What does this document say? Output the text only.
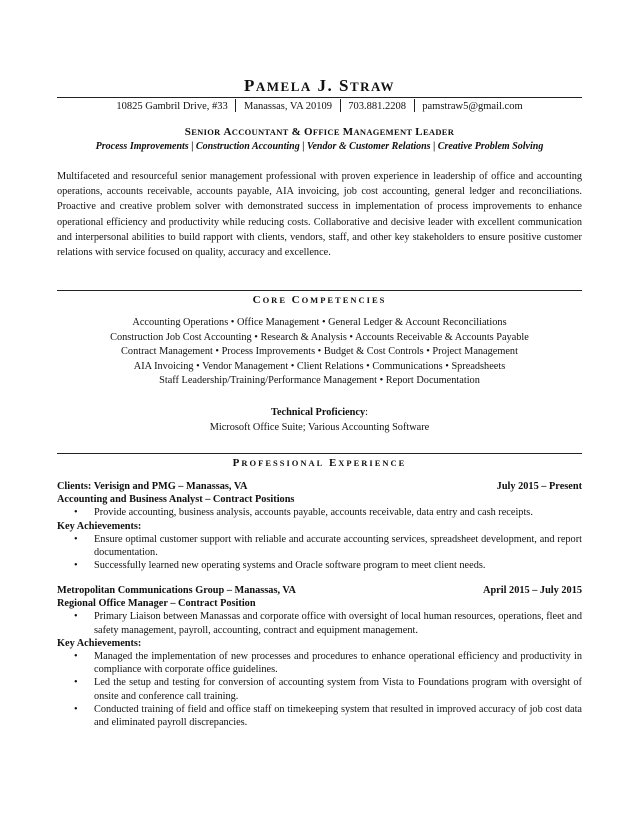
PAMELA J. STRAW
10825 Gambril Drive, #33 Manassas, VA 20109 703.881.2208 pamstraw5@gmail.com
SENIOR ACCOUNTANT & OFFICE MANAGEMENT LEADER
Process Improvements | Construction Accounting | Vendor & Customer Relations | Creative Problem Solving
Multifaceted and resourceful senior management professional with proven experience in leadership of office and accounting operations, accounts receivable, accounts payable, AIA invoicing, job cost accounting, general ledger and reconciliations. Proactive and creative problem solver with demonstrated success in implementation of process improvements to enhance operational efficiency and productivity while reducing costs. Collaborative and decisive leader with excellent communication and interpersonal abilities to build rapport with clients, vendors, staff, and other key stakeholders to ensure positive customer relations with service focused on quality, accuracy and excellence.
CORE COMPETENCIES
Accounting Operations • Office Management • General Ledger & Account Reconciliations
Construction Job Cost Accounting • Research & Analysis • Accounts Receivable & Accounts Payable
Contract Management • Process Improvements • Budget & Cost Controls • Project Management
AIA Invoicing • Vendor Management • Client Relations • Communications • Spreadsheets
Staff Leadership/Training/Performance Management • Report Documentation
Technical Proficiency:
Microsoft Office Suite; Various Accounting Software
PROFESSIONAL EXPERIENCE
Clients: Verisign and PMG – Manassas, VA	July 2015 – Present
Accounting and Business Analyst – Contract Positions
• Provide accounting, business analysis, accounts payable, accounts receivable, data entry and cash receipts.
Key Achievements:
• Ensure optimal customer support with reliable and accurate accounting services, spreadsheet development, and report documentation.
• Successfully learned new operating systems and Oracle software program to meet client needs.
Metropolitan Communications Group – Manassas, VA	April 2015 – July 2015
Regional Office Manager – Contract Position
• Primary Liaison between Manassas and corporate office with oversight of local human resources, operations, fleet and safety management, payroll, accounting, contract and equipment management.
Key Achievements:
• Managed the implementation of new processes and procedures to enhance operational efficiency and productivity in compliance with corporate office guidelines.
• Led the setup and testing for conversion of accounting system from Vista to Foundations program with oversight of onsite and conference call training.
• Conducted training of field and office staff on timekeeping system that resulted in improved accuracy of job cost data and eliminated payroll discrepancies.
